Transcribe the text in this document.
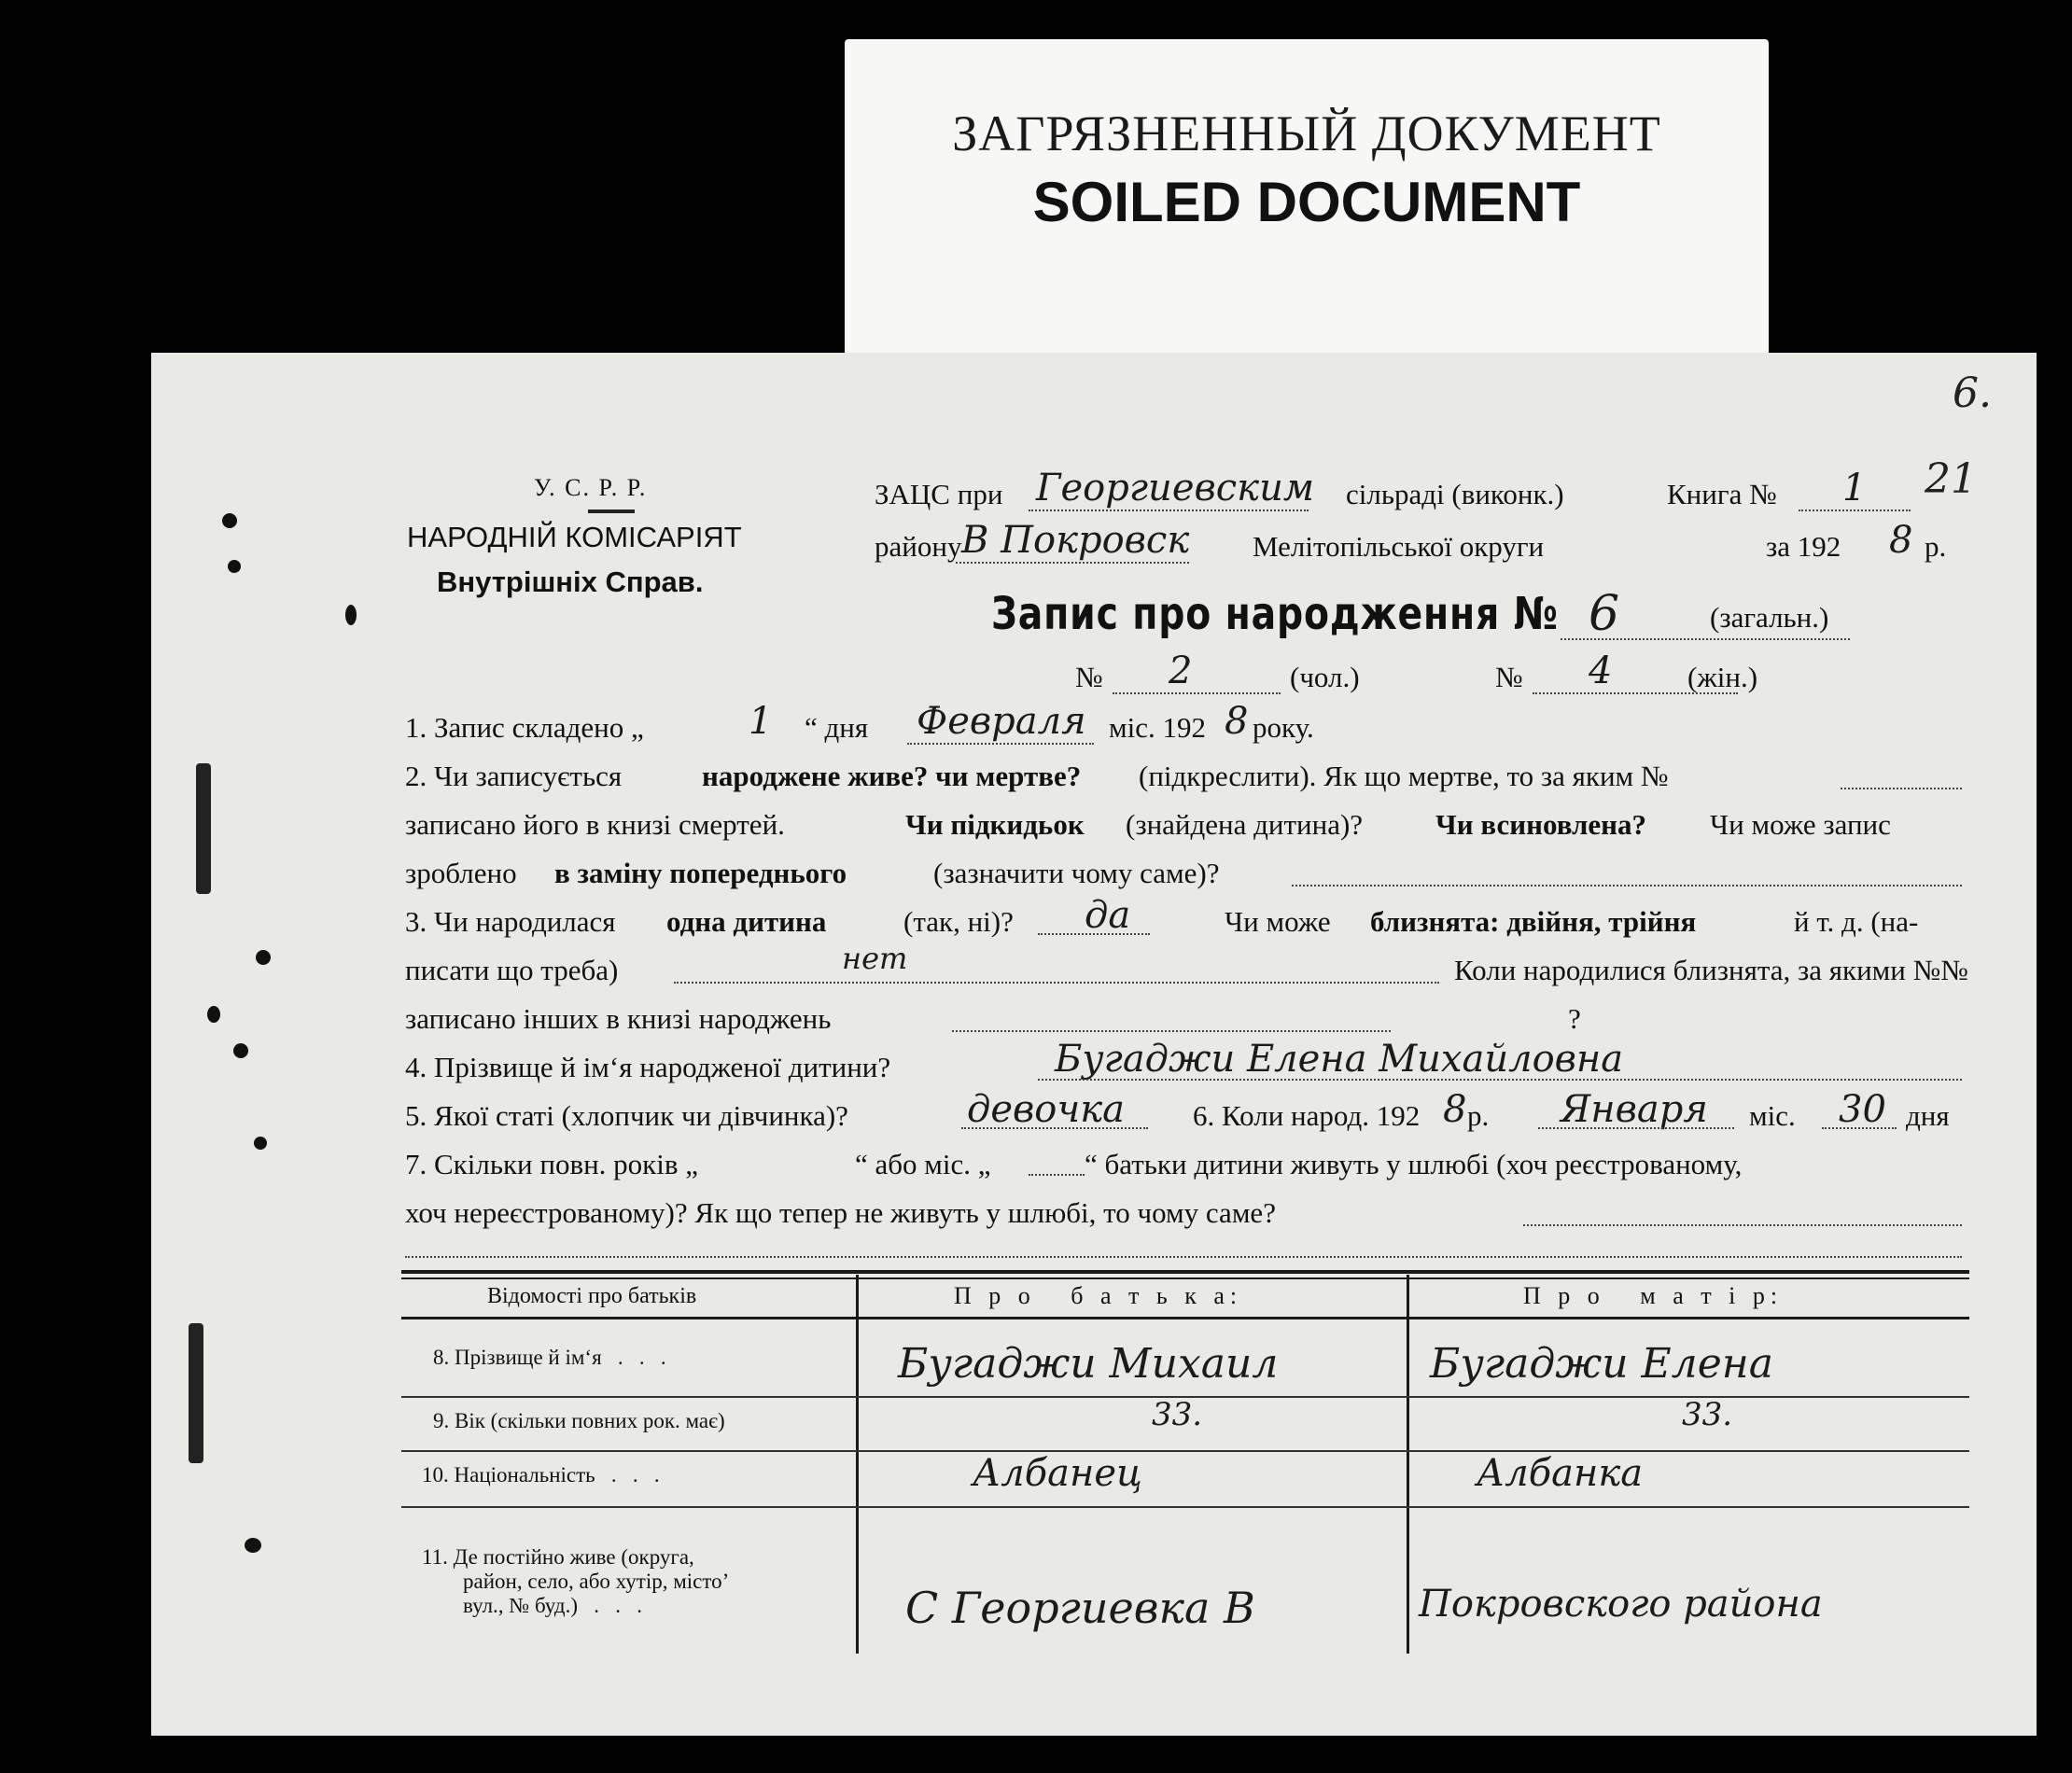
ЗАГРЯЗНЕННЫЙ ДОКУМЕНТ
SOILED DOCUMENT
6.
21
У. С. Р. Р.
НАРОДНІЙ КОМІСАРІЯТ
Внутрішніх Справ.
ЗАЦС при Георгиевским сільраді (виконк.)	Книга № 1
району В Покровск Мелітопільської округи	за 192 8 р.
Запис про народження № 6	(загальн.)
№ 2	(чол.)	№ 4	(жін.)
1. Запис складено „	1 “ дня Февраля міс. 192 8 року.
2. Чи записується	народжене живе? чи мертве? (підкреслити). Як що мертве, то за яким №
записано його в книзі смертей.	Чи підкидьок (знайдена дитина)?	Чи всиновлена? Чи може запис
зроблено в заміну попереднього	(зазначити чому саме)?
3. Чи народилася одна дитина	(так, ні)? да	Чи може близнята: двійня, трійня	й т. д. (на-
писати що треба)	нет	Коли народилися близнята, за якими №№
записано інших в книзі народжень	?
4. Прізвище й ім‘я народженої дитини?	Бугаджи Елена Михайловна
5. Якої статі (хлопчик чи дівчинка)?	девочка 6. Коли народ. 192 8 р. Января міс. 30 дня
7. Скільки повн. років „	“ або міс. „	“ батьки дитини живуть у шлюбі (хоч реєстрованому,
хоч нереєстрованому)? Як що тепер не живуть у шлюбі, то чому саме?
Відомості про батьків	П р о   б а т ь к а:	П р о   м а т і р:
8. Прізвище й ім‘я   .   .   .	Бугаджи Михаил	Бугаджи Елена
9. Вік (скільки повних рок. має)	33.	33.
10. Національність   .   .   .	Албанец	Албанка
11. Де постійно живе (округа,
район, село, або хутір, місто’
вул., № буд.)   .   .   .	С Георгиевка В	Покровского района
